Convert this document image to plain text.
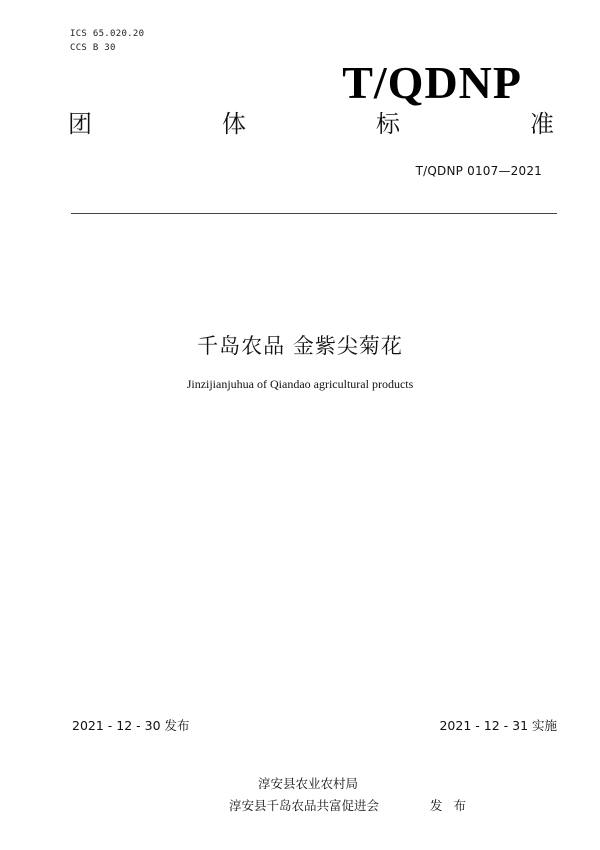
ICS 65.020.20
CCS B 30
T/QDNP
团	体	标	准
T/QDNP 0107—2021
千岛农品 金紫尖菊花
Jinzijianjuhua of Qiandao agricultural products
2021 - 12 - 30 发布	2021 - 12 - 31 实施
淳安县农业农村局
淳安县千岛农品共富促进会	发布
